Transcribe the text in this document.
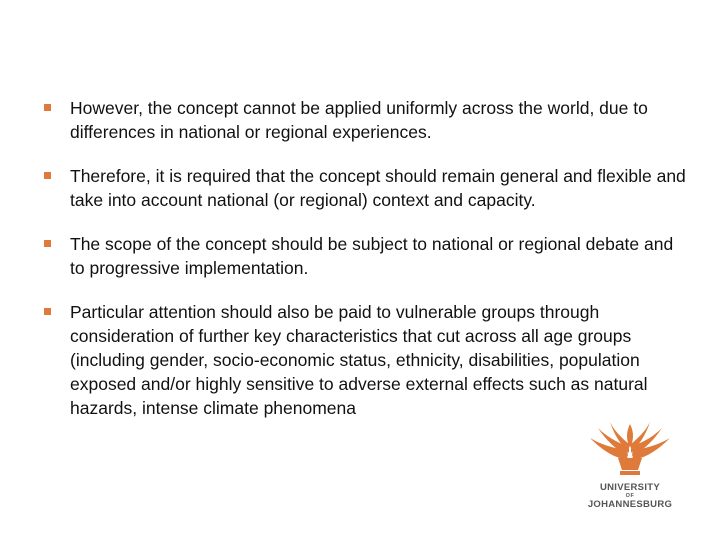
However, the concept cannot be applied uniformly across the world, due to differences in national or regional experiences.
Therefore, it is required that the concept should remain general and flexible and take into account national (or regional) context and capacity.
The scope of the concept should be subject to national or regional debate and to progressive implementation.
Particular attention should also be paid to vulnerable groups through consideration of further key characteristics that cut across all age groups (including gender, socio-economic status, ethnicity, disabilities, population exposed and/or highly sensitive to adverse external effects such as natural hazards, intense climate phenomena
UNIVERSITY
OF
JOHANNESBURG
